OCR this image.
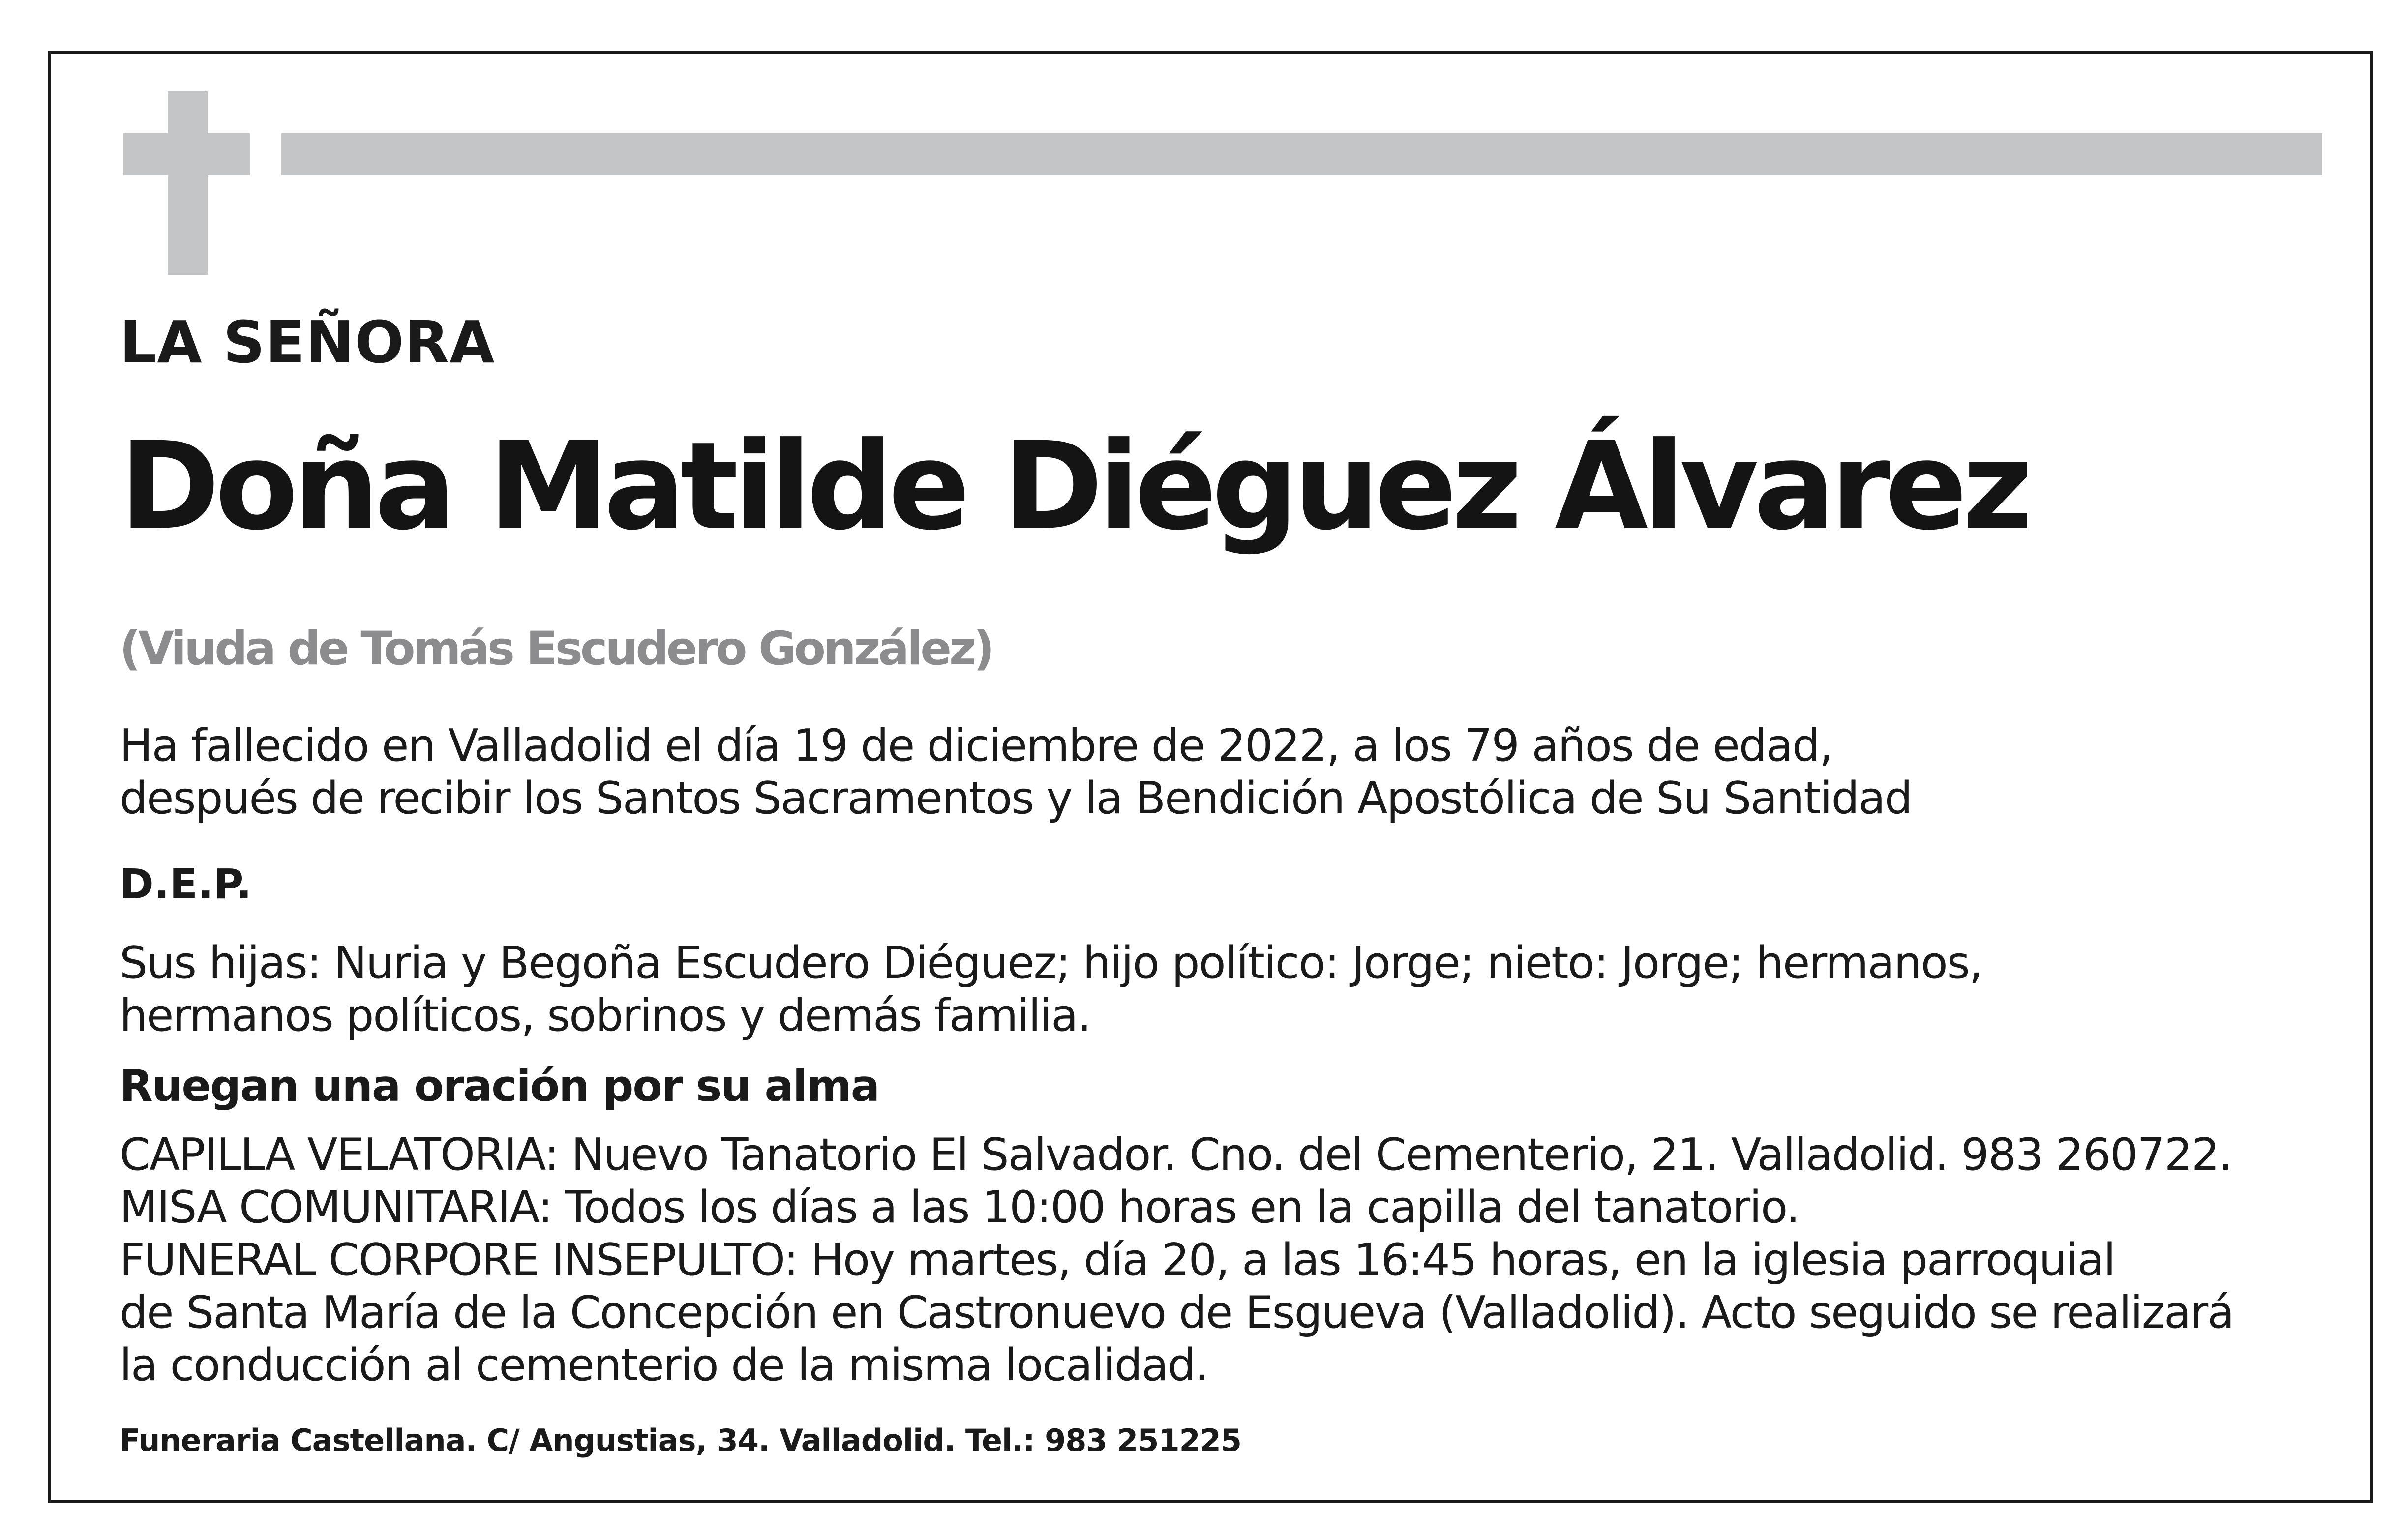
LA SEÑORA

Doña Matilde Diéguez Álvarez

(Viuda de Tomás Escudero González)

Ha fallecido en Valladolid el día 19 de diciembre de 2022, a los 79 años de edad,
después de recibir los Santos Sacramentos y la Bendición Apostólica de Su Santidad

D.E.P.

Sus hijas: Nuria y Begoña Escudero Diéguez; hijo político: Jorge; nieto: Jorge; hermanos,
hermanos políticos, sobrinos y demás familia.

Ruegan una oración por su alma

CAPILLA VELATORIA: Nuevo Tanatorio El Salvador. Cno. del Cementerio, 21. Valladolid. 983 260722.
MISA COMUNITARIA: Todos los días a las 10:00 horas en la capilla del tanatorio.
FUNERAL CORPORE INSEPULTO: Hoy martes, día 20, a las 16:45 horas, en la iglesia parroquial
de Santa María de la Concepción en Castronuevo de Esgueva (Valladolid). Acto seguido se realizará
la conducción al cementerio de la misma localidad.

Funeraria Castellana. C/ Angustias, 34. Valladolid. Tel.: 983 251225
